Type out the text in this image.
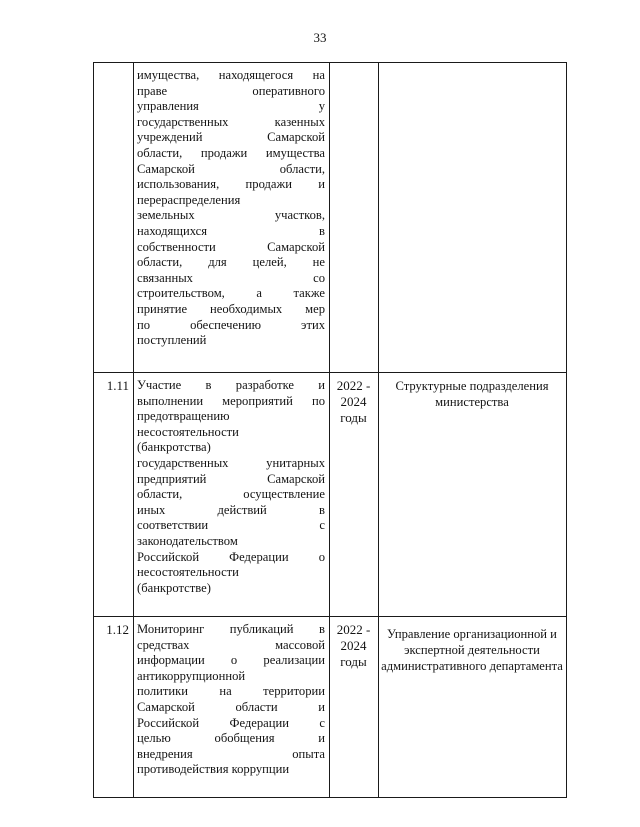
33
имущества, находящегося на
праве оперативного
управления у
государственных казенных
учреждений Самарской
области, продажи имущества
Самарской области,
использования, продажи и
перераспределения
земельных участков,
находящихся в
собственности Самарской
области, для целей, не
связанных со
строительством, а также
принятие необходимых мер
по обеспечению этих
поступлений
1.11 Участие в разработке и
выполнении мероприятий по
предотвращению
несостоятельности
(банкротства)
государственных унитарных
предприятий Самарской
области, осуществление
иных действий в
соответствии с
законодательством
Российской Федерации о
несостоятельности
(банкротстве)
2022 - 2024 годы
Структурные подразделения министерства
1.12 Мониторинг публикаций в
средствах массовой
информации о реализации
антикоррупционной
политики на территории
Самарской области и
Российской Федерации с
целью обобщения и
внедрения опыта
противодействия коррупции
2022 - 2024 годы
Управление организационной и экспертной деятельности административного департамента
